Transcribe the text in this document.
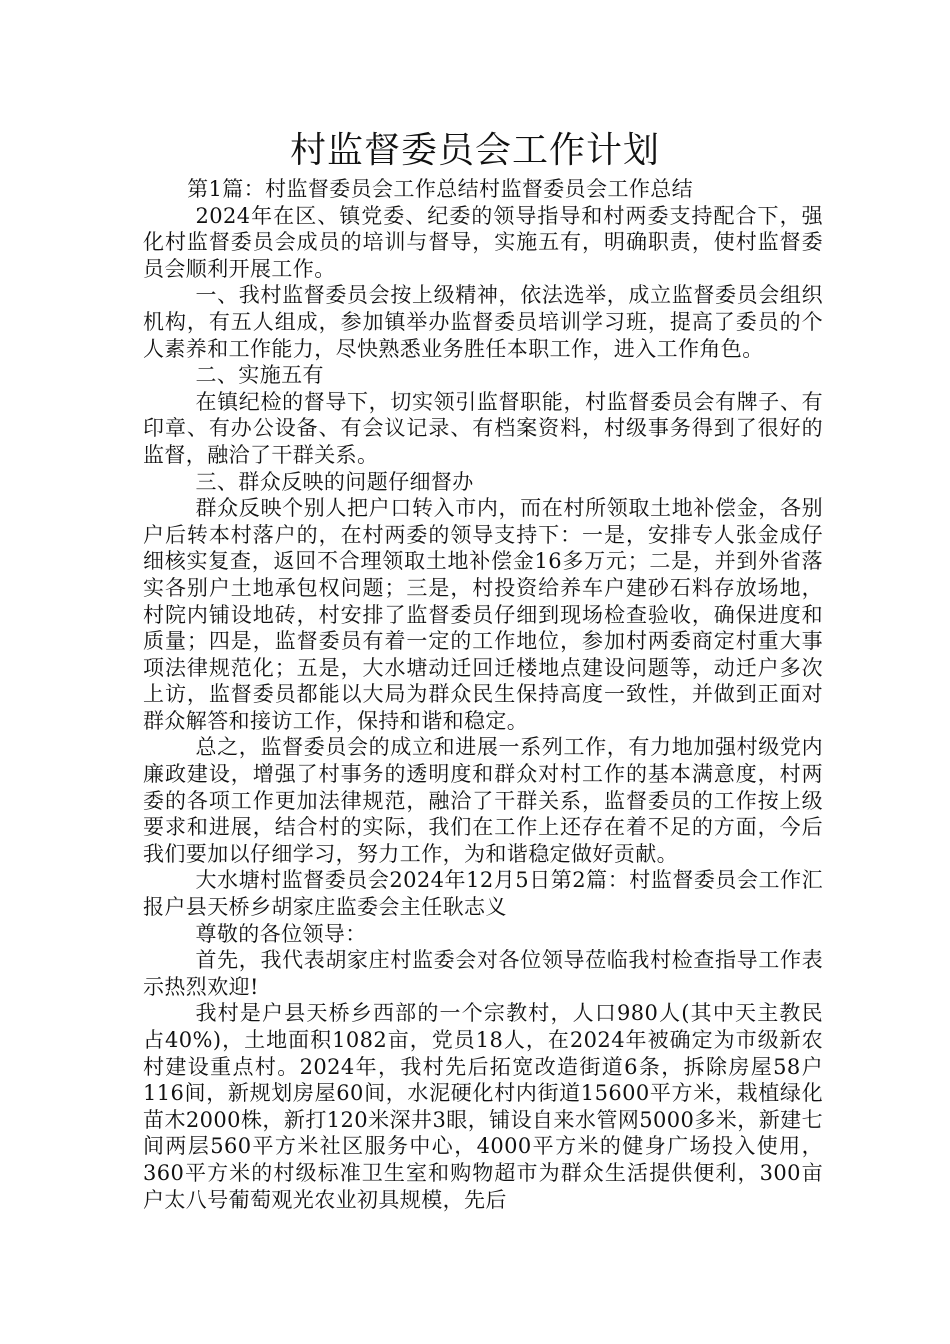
村监督委员会工作计划

第1篇：村监督委员会工作总结村监督委员会工作总结

2024年在区、镇党委、纪委的领导指导和村两委支持配合下，强化村监督委员会成员的培训与督导，实施五有，明确职责，使村监督委员会顺利开展工作。

一、我村监督委员会按上级精神，依法选举，成立监督委员会组织机构，有五人组成，参加镇举办监督委员培训学习班，提高了委员的个人素养和工作能力，尽快熟悉业务胜任本职工作，进入工作角色。

二、实施五有

在镇纪检的督导下，切实领引监督职能，村监督委员会有牌子、有印章、有办公设备、有会议记录、有档案资料，村级事务得到了很好的监督，融洽了干群关系。

三、群众反映的问题仔细督办

群众反映个别人把户口转入市内，而在村所领取土地补偿金，各别户后转本村落户的，在村两委的领导支持下：一是，安排专人张金成仔细核实复查，返回不合理领取土地补偿金16多万元；二是，并到外省落实各别户土地承包权问题；三是，村投资给养车户建砂石料存放场地，村院内铺设地砖，村安排了监督委员仔细到现场检查验收，确保进度和质量；四是，监督委员有着一定的工作地位，参加村两委商定村重大事项法律规范化；五是，大水塘动迁回迁楼地点建设问题等，动迁户多次上访，监督委员都能以大局为群众民生保持高度一致性，并做到正面对群众解答和接访工作，保持和谐和稳定。

总之，监督委员会的成立和进展一系列工作，有力地加强村级党内廉政建设，增强了村事务的透明度和群众对村工作的基本满意度，村两委的各项工作更加法律规范，融洽了干群关系，监督委员的工作按上级要求和进展，结合村的实际，我们在工作上还存在着不足的方面，今后我们要加以仔细学习，努力工作，为和谐稳定做好贡献。

大水塘村监督委员会2024年12月5日第2篇：村监督委员会工作汇报户县天桥乡胡家庄监委会主任耿志义

尊敬的各位领导：

首先，我代表胡家庄村监委会对各位领导莅临我村检查指导工作表示热烈欢迎!

我村是户县天桥乡西部的一个宗教村，人口980人(其中天主教民占40%)，土地面积1082亩，党员18人，在2024年被确定为市级新农村建设重点村。2024年，我村先后拓宽改造街道6条，拆除房屋58户116间，新规划房屋60间，水泥硬化村内街道15600平方米，栽植绿化苗木2000株，新打120米深井3眼，铺设自来水管网5000多米，新建七间两层560平方米社区服务中心，4000平方米的健身广场投入使用，360平方米的村级标准卫生室和购物超市为群众生活提供便利，300亩户太八号葡萄观光农业初具规模，先后
